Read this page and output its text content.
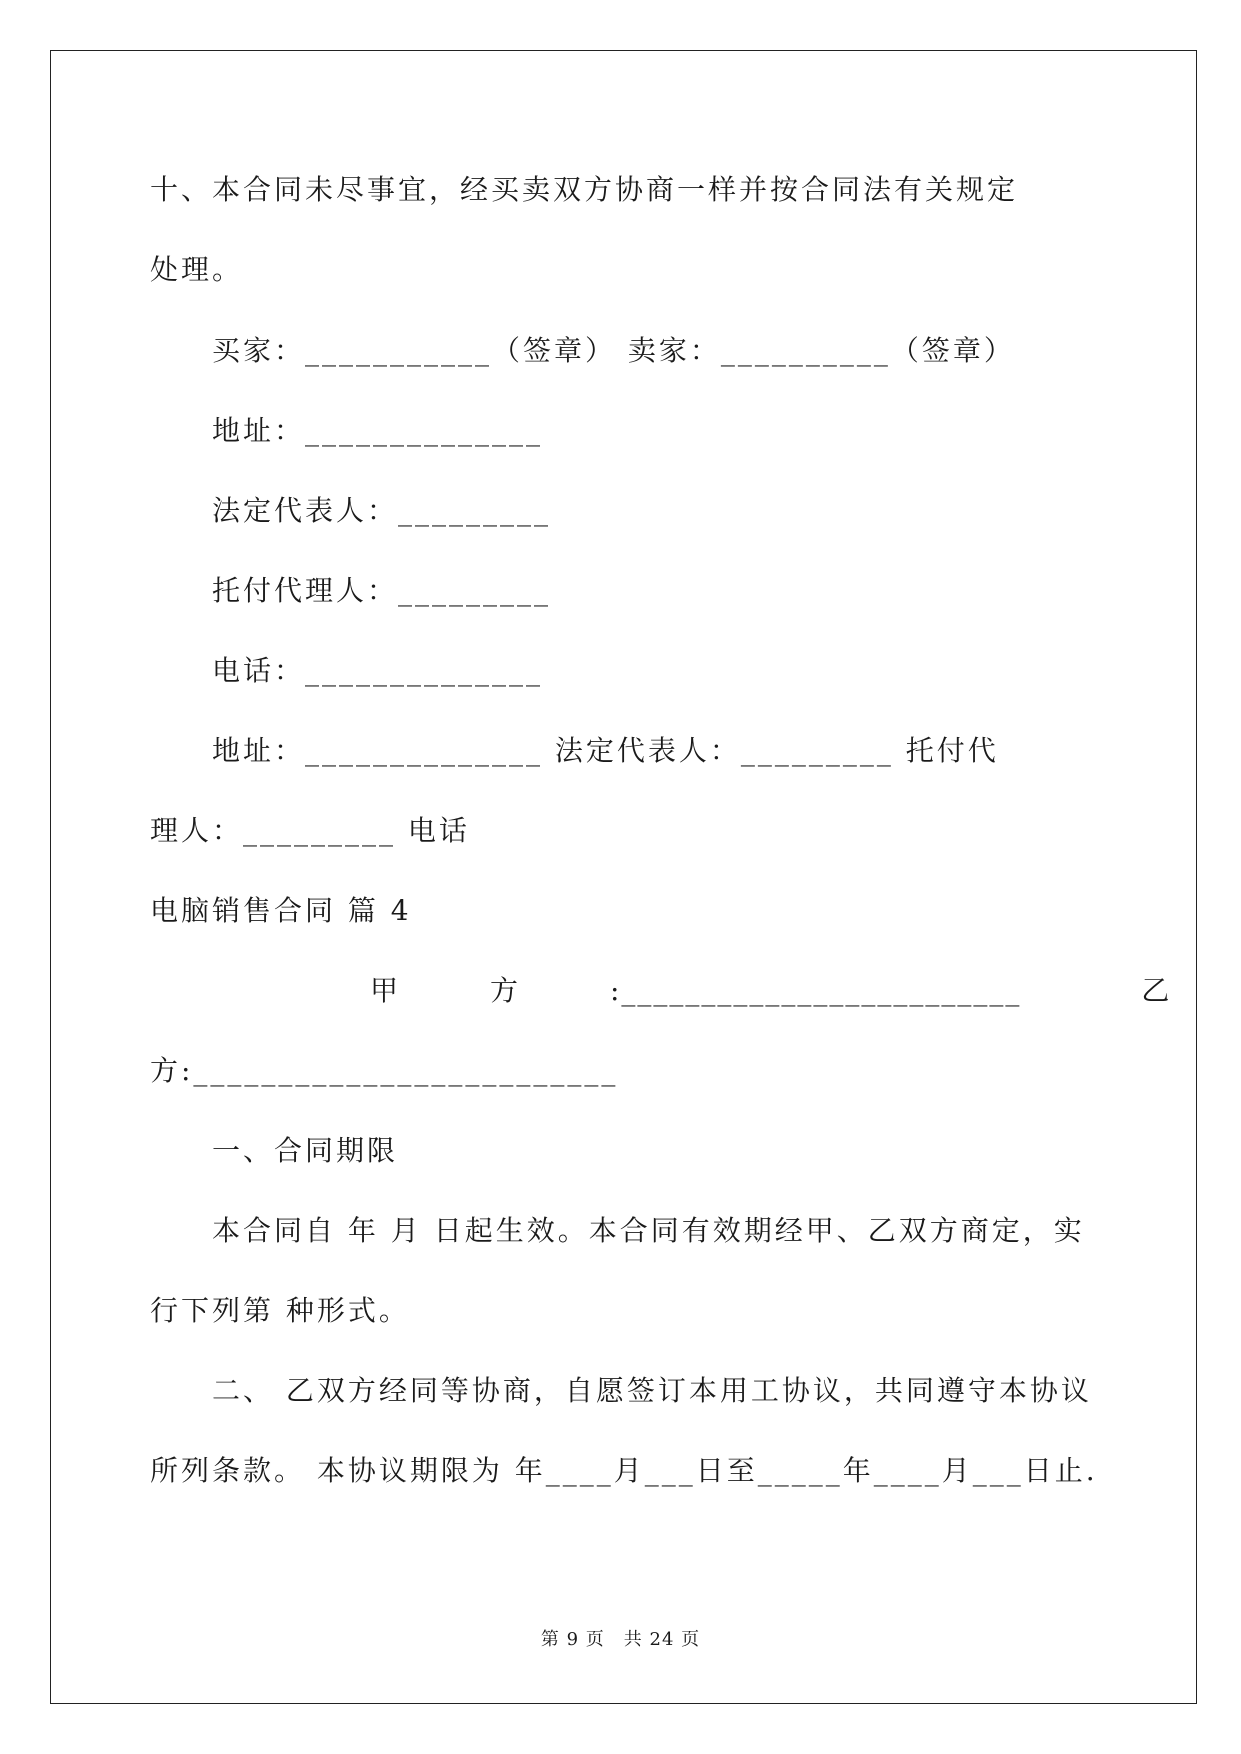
十、本合同未尽事宜，经买卖双方协商一样并按合同法有关规定
处理。
买家：___________（签章） 卖家：__________（签章）
地址：______________
法定代表人：_________
托付代理人：_________
电话：______________
地址：______________ 法定代表人：_________ 托付代
理人：_________ 电话
电脑销售合同 篇 4
甲　　　方　　　:_________________________　　　　乙
方:_________________________
一、合同期限
本合同自 年 月 日起生效。本合同有效期经甲、乙双方商定，实
行下列第 种形式。
二、 乙双方经同等协商，自愿签订本用工协议，共同遵守本协议
所列条款。 本协议期限为 年____月___日至_____年____月___日止.
第 9 页　共 24 页
